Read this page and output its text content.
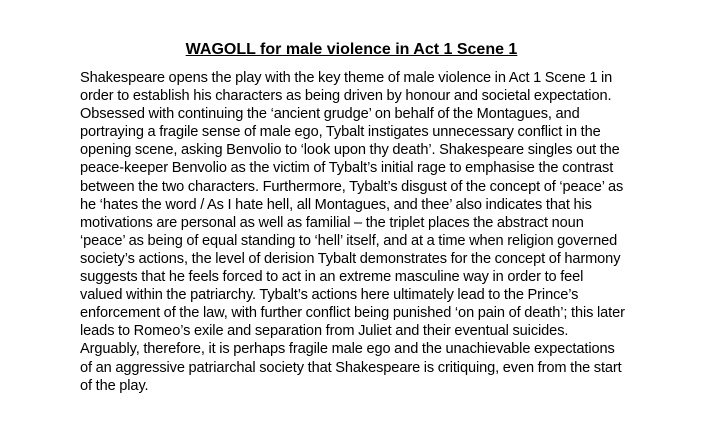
WAGOLL for male violence in Act 1 Scene 1

Shakespeare opens the play with the key theme of male violence in Act 1 Scene 1 in order to establish his characters as being driven by honour and societal expectation. Obsessed with continuing the ‘ancient grudge’ on behalf of the Montagues, and portraying a fragile sense of male ego, Tybalt instigates unnecessary conflict in the opening scene, asking Benvolio to ‘look upon thy death’. Shakespeare singles out the peace-keeper Benvolio as the victim of Tybalt’s initial rage to emphasise the contrast between the two characters. Furthermore, Tybalt’s disgust of the concept of ‘peace’ as he ‘hates the word / As I hate hell, all Montagues, and thee’ also indicates that his motivations are personal as well as familial – the triplet places the abstract noun ‘peace’ as being of equal standing to ‘hell’ itself, and at a time when religion governed society’s actions, the level of derision Tybalt demonstrates for the concept of harmony suggests that he feels forced to act in an extreme masculine way in order to feel valued within the patriarchy. Tybalt’s actions here ultimately lead to the Prince’s enforcement of the law, with further conflict being punished ‘on pain of death’; this later leads to Romeo’s exile and separation from Juliet and their eventual suicides. Arguably, therefore, it is perhaps fragile male ego and the unachievable expectations of an aggressive patriarchal society that Shakespeare is critiquing, even from the start of the play.
